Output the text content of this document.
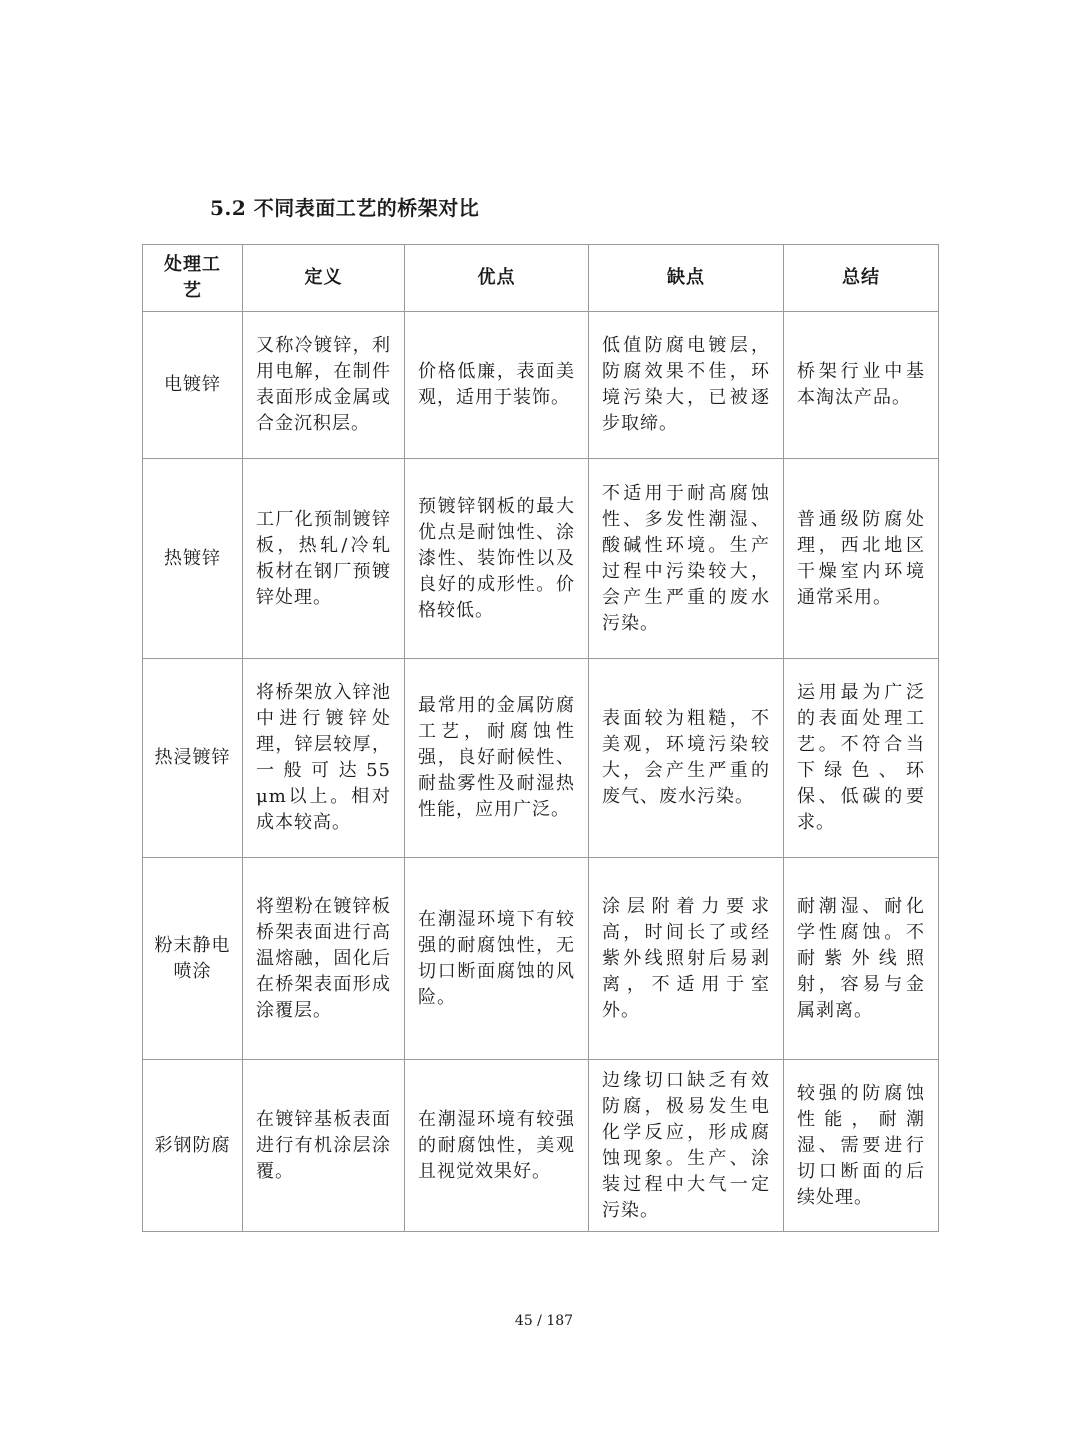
5.2 不同表面工艺的桥架对比
处理工艺	定义	优点	缺点	总结
电镀锌	又称冷镀锌，利用电解，在制件表面形成金属或合金沉积层。	价格低廉，表面美观，适用于装饰。	低值防腐电镀层，防腐效果不佳，环境污染大，已被逐步取缔。	桥架行业中基本淘汰产品。
热镀锌	工厂化预制镀锌板，热轧/冷轧板材在钢厂预镀锌处理。	预镀锌钢板的最大优点是耐蚀性、涂漆性、装饰性以及良好的成形性。价格较低。	不适用于耐高腐蚀性、多发性潮湿、酸碱性环境。生产过程中污染较大，会产生严重的废水污染。	普通级防腐处理，西北地区干燥室内环境通常采用。
热浸镀锌	将桥架放入锌池中进行镀锌处理，锌层较厚，一般可达55 μm以上。相对成本较高。	最常用的金属防腐工艺，耐腐蚀性强，良好耐候性、耐盐雾性及耐湿热性能，应用广泛。	表面较为粗糙，不美观，环境污染较大，会产生严重的废气、废水污染。	运用最为广泛的表面处理工艺。不符合当下绿色、环保、低碳的要求。
粉末静电喷涂	将塑粉在镀锌板桥架表面进行高温熔融，固化后在桥架表面形成涂覆层。	在潮湿环境下有较强的耐腐蚀性，无切口断面腐蚀的风险。	涂层附着力要求高，时间长了或经紫外线照射后易剥离，不适用于室外。	耐潮湿、耐化学性腐蚀。不耐紫外线照射，容易与金属剥离。
彩钢防腐	在镀锌基板表面进行有机涂层涂覆。	在潮湿环境有较强的耐腐蚀性，美观且视觉效果好。	边缘切口缺乏有效防腐，极易发生电化学反应，形成腐蚀现象。生产、涂装过程中大气一定污染。	较强的防腐蚀性能，耐潮湿、需要进行切口断面的后续处理。
45 / 187
